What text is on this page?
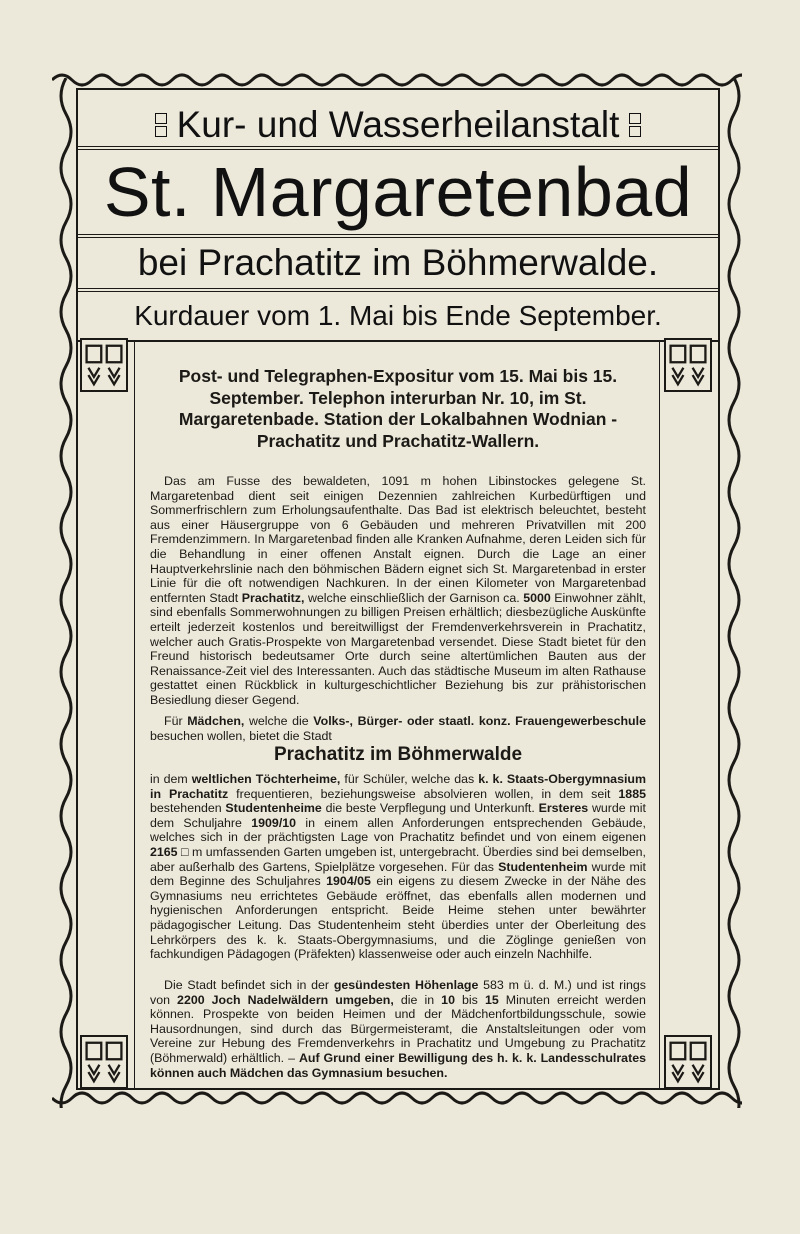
Kur- und Wasserheilanstalt
St. Margaretenbad
bei Prachatitz im Böhmerwalde.
Kurdauer vom 1. Mai bis Ende September.
Post- und Telegraphen-Expositur vom 15. Mai bis 15. September. Telephon interurban Nr. 10, im St. Margaretenbade. Station der Lokalbahnen Wodnian - Prachatitz und Prachatitz-Wallern.

Das am Fusse des bewaldeten, 1091 m hohen Libinstockes gelegene St. Margaretenbad dient seit einigen Dezennien zahlreichen Kurbedürftigen und Sommerfrischlern zum Erholungsaufenthalte. Das Bad ist elektrisch beleuchtet, besteht aus einer Häusergruppe von 6 Gebäuden und mehreren Privatvillen mit 200 Fremdenzimmern. In Margaretenbad finden alle Kranken Aufnahme, deren Leiden sich für die Behandlung in einer offenen Anstalt eignen. Durch die Lage an einer Hauptverkehrslinie nach den böhmischen Bädern eignet sich St. Margaretenbad in erster Linie für die oft notwendigen Nachkuren. In der einen Kilometer von Margaretenbad entfernten Stadt Prachatitz, welche einschließlich der Garnison ca. 5000 Einwohner zählt, sind ebenfalls Sommerwohnungen zu billigen Preisen erhältlich; diesbezügliche Auskünfte erteilt jederzeit kostenlos und bereitwilligst der Fremdenverkehrsverein in Prachatitz, welcher auch Gratis-Prospekte von Margaretenbad versendet. Diese Stadt bietet für den Freund historisch bedeutsamer Orte durch seine altertümlichen Bauten aus der Renaissance-Zeit viel des Interessanten. Auch das städtische Museum im alten Rathause gestattet einen Rückblick in kulturgeschichtlicher Beziehung bis zur prähistorischen Besiedlung dieser Gegend.

Für Mädchen, welche die Volks-, Bürger- oder staatl. konz. Frauengewerbeschule besuchen wollen, bietet die Stadt

Prachatitz im Böhmerwalde

in dem weltlichen Töchterheime, für Schüler, welche das k. k. Staats-Obergymnasium in Prachatitz frequentieren, beziehungsweise absolvieren wollen, in dem seit 1885 bestehenden Studentenheime die beste Verpflegung und Unterkunft. Ersteres wurde mit dem Schuljahre 1909/10 in einem allen Anforderungen entsprechenden Gebäude, welches sich in der prächtigsten Lage von Prachatitz befindet und von einem eigenen 2165 □ m umfassenden Garten umgeben ist, untergebracht. Überdies sind bei demselben, aber außerhalb des Gartens, Spielplätze vorgesehen. Für das Studentenheim wurde mit dem Beginne des Schuljahres 1904/05 ein eigens zu diesem Zwecke in der Nähe des Gymnasiums neu errichtetes Gebäude eröffnet, das ebenfalls allen modernen und hygienischen Anforderungen entspricht. Beide Heime stehen unter bewährter pädagogischer Leitung. Das Studentenheim steht überdies unter der Oberleitung des Lehrkörpers des k. k. Staats-Obergymnasiums, und die Zöglinge genießen von fachkundigen Pädagogen (Präfekten) klassenweise oder auch einzeln Nachhilfe.

Die Stadt befindet sich in der gesündesten Höhenlage 583 m ü. d. M.) und ist rings von 2200 Joch Nadelwäldern umgeben, die in 10 bis 15 Minuten erreicht werden können. Prospekte von beiden Heimen und der Mädchenfortbildungsschule, sowie Hausordnungen, sind durch das Bürgermeisteramt, die Anstaltsleitungen oder vom Vereine zur Hebung des Fremdenverkehrs in Prachatitz und Umgebung zu Prachatitz (Böhmerwald) erhältlich. – Auf Grund einer Bewilligung des h. k. k. Landesschulrates können auch Mädchen das Gymnasium besuchen.
